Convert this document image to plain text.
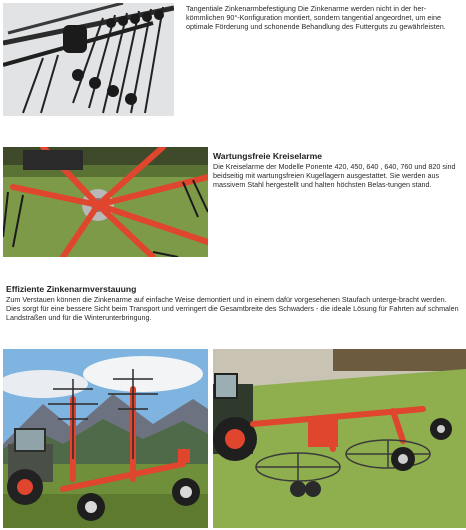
Tangentiale Zinkenarmbefestigung Die Zinkenarme werden nicht in der her-kömmlichen 90°-Konfiguration montiert, sondern tangential angeordnet, um eine optimale Förderung und schonende Behandlung des Futterguts zu gewährleisten.
Wartungsfreie Kreiselarme
Die Kreiselarme der Modelle Ponente 420, 450, 640 , 640, 760 und 820 sind beidseitig mit wartungsfreien Kugellagern ausgestattet. Sie werden aus massivem Stahl hergestellt und halten höchsten Belas-tungen stand.
Effiziente Zinkenarmverstauung
Zum Verstauen können die Zinkenarme auf einfache Weise demontiert und in einem dafür vorgesehenen Staufach unterge-bracht werden. Dies sorgt für eine bessere Sicht beim Transport und verringert die Gesamtbreite des Schwaders - die ideale Lösung für Fahrten auf schmalen Landstraßen und für die Winterunterbringung.
